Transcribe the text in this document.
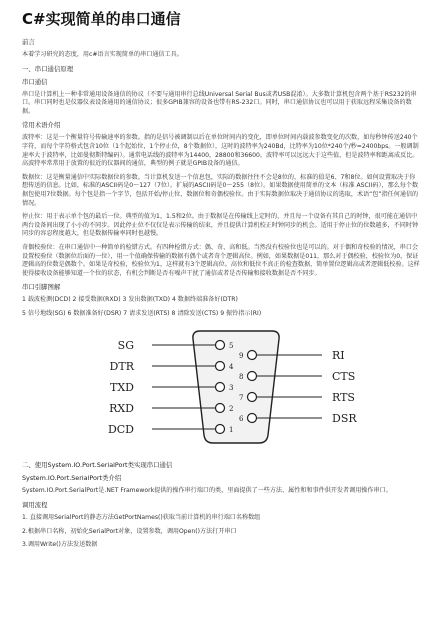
C#实现简单的串口通信
前言
本着学习研究的态度，用c#语言实现简单的串口通信工具。
一、串口通信原理
串口通信
串口是计算机上一种非常通用设备通信的协议（不要与通用串行总线Universal Serial Bus或者USB混淆）。大多数计算机包含两个基于RS232的串口。串口同时也是仪器仪表设备通用的通信协议；很多GPIB兼容的设备也带有RS-232口。同时，串口通信协议也可以用于获取远程采集设备的数据。
常用术语介绍
波特率：这是一个衡量符号传输速率的参数。指的是信号被调制以后在单位时间内的变化，即单位时间内载波参数变化的次数，如每秒钟传送240个字符，而每个字符格式包含10位（1个起始位，1个停止位，8个数据位），这时的波特率为240Bd，比特率为10位*240个/秒=2400bps。一般调制速率大于波特率，比如曼彻斯特编码）。通常电话线的波特率为14400，28800和36600。波特率可以远远大于这些值，但是波特率和距离成反比。高波特率常常用于放置的很近的仪器间的通信，典型的例子就是GPIB设备的通信。
数据位：这是衡量通信中实际数据位的参数。当计算机发送一个信息包，实际的数据往往不会是8位的，标准的值是6、7和8位。如何设置取决于你想传送的信息。比如，标准的ASCII码是0～127（7位）。扩展的ASCII码是0～255（8位）。如果数据使用简单的文本（标准 ASCII码），那么每个数据包使用7位数据。每个包是指一个字节，包括开始/停止位，数据位和奇偶校验位。由于实际数据位取决于通信协议的选取，术语“包”指任何通信的情况。
停止位：用于表示单个包的最后一位。典型的值为1，1.5和2位。由于数据是在传输线上定时的，并且每一个设备有其自己的时钟，很可能在通信中两台设备间出现了小小的不同步。因此停止位不仅仅是表示传输的结束，并且提供计算机校正时钟同步的机会。适用于停止位的位数越多，不同时钟同步的容忍程度越大，但是数据传输率同时也越慢。
奇偶校验位：在串口通信中一种简单的检错方式。有四种检错方式：偶、奇、高和低。当然没有校验位也是可以的。对于偶和奇校验的情况，串口会设置校验位（数据位后面的一位），用一个值确保传输的数据有偶个或者奇个逻辑高位。例如，如果数据是011，那么对于偶校验，校验位为0，保证逻辑高的位数是偶数个。如果是奇校验，校验位为1，这样就有3个逻辑高位。高位和低位不真正的检查数据，简单置位逻辑高或者逻辑低校验。这样使得接收设备能够知道一个位的状态，有机会判断是否有噪声干扰了通信或者是否传输和接收数据是否不同步。
串口引脚图解
1 载波检测(DCD) 2 接受数据(RXD) 3 发出数据(TXD) 4 数据终端准备好(DTR)
5 信号地线(SG) 6 数据准备好(DSR) 7 请求发送(RTS) 8 清除发送(CTS) 9 振铃指示(RI)
5
4
3
2
1
9
8
7
6
SG
DTR
TXD
RXD
DCD
RI
CTS
RTS
DSR
二、使用System.IO.Port.SerialPort类实现串口通信
System.IO.Port.SerialPort类介绍
System.IO.Port.SerialPort是.NET Framework提供的操作串行端口的类，里面提供了一些方法、属性和和事件供开发者调用操作串口。
调用流程
1. 直接调用SerialPort的静态方法GetPortNames()获取当前计算机的串行端口名称数组
2.根据串口名称，初始化SerialPort对象，设置参数，调用Open()方法打开串口
3.调用Write()方法发送数据
